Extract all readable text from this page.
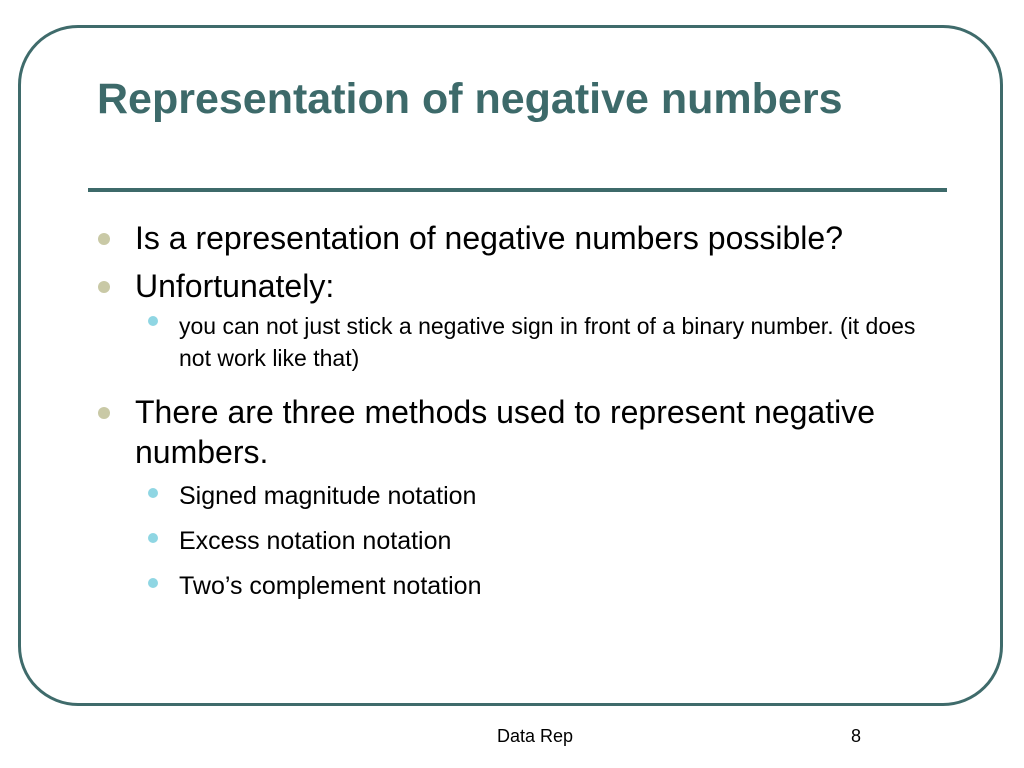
Representation of negative numbers
Is a representation of negative numbers possible?
Unfortunately:
you can not just stick a negative sign in front of a binary number. (it does not work like that)
There are three methods used to represent negative numbers.
Signed magnitude notation
Excess notation notation
Two’s complement notation
Data Rep	8
